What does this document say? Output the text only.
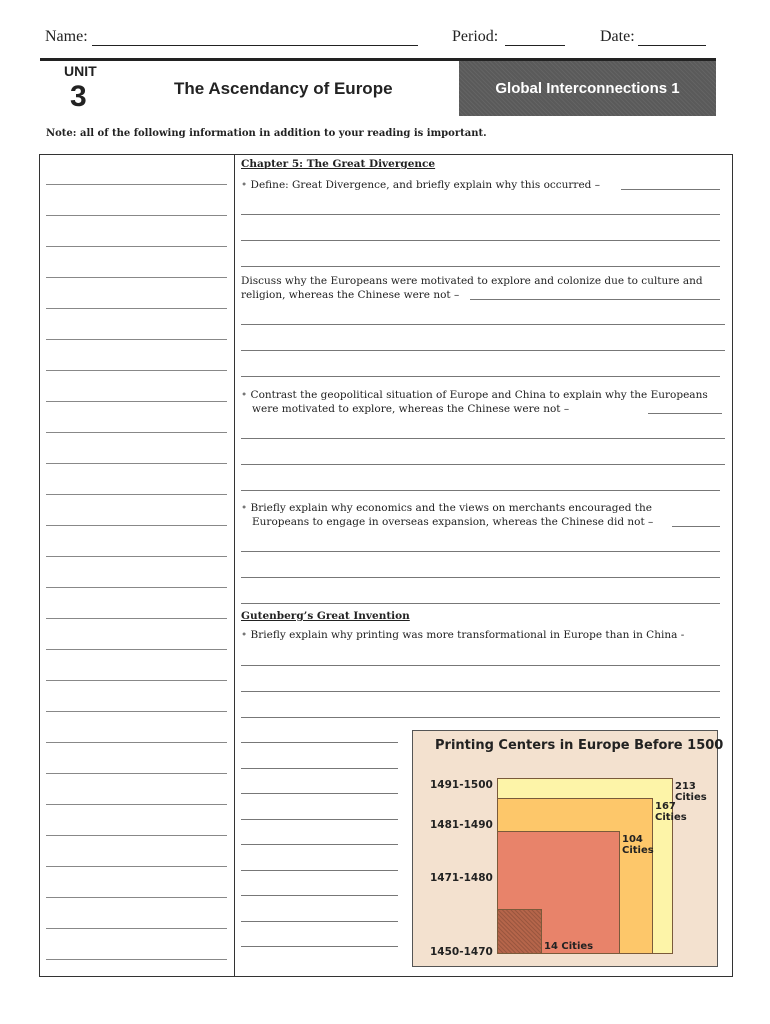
Name:	Period:	Date:
UNIT
3	The Ascendancy of Europe	Global Interconnections 1
Note: all of the following information in addition to your reading is important.
Chapter 5: The Great Divergence
• Define: Great Divergence, and briefly explain why this occurred –
Discuss why the Europeans were motivated to explore and colonize due to culture and religion, whereas the Chinese were not –
• Contrast the geopolitical situation of Europe and China to explain why the Europeans were motivated to explore, whereas the Chinese were not –
• Briefly explain why economics and the views on merchants encouraged the Europeans to engage in overseas expansion, whereas the Chinese did not –
Gutenberg’s Great Invention
• Briefly explain why printing was more transformational in Europe than in China -
Printing Centers in Europe Before 1500
213
Cities
1491-1500
167
Cities
1481-1490
104
Cities
1471-1480
14 Cities
1450-1470
